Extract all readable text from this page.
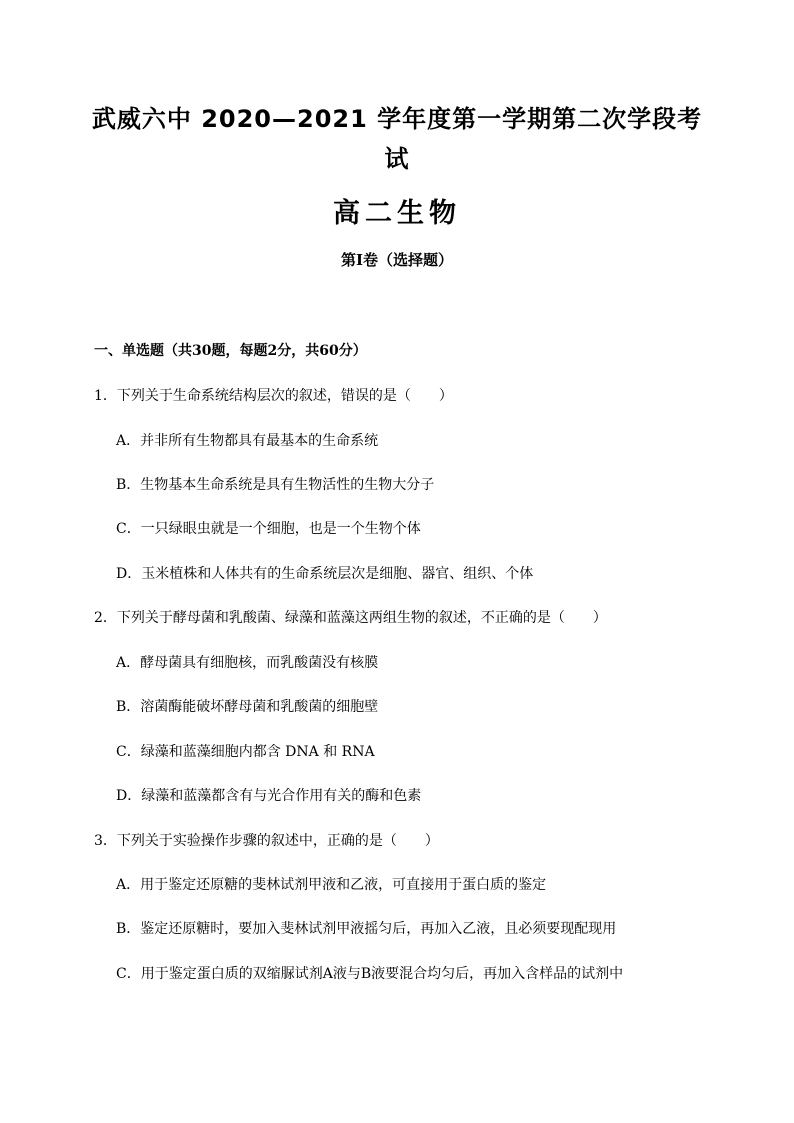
武威六中 2020—2021 学年度第一学期第二次学段考
试
高二生物
第Ⅰ卷（选择题）
一、单选题（共30题，每题2分，共60分）
1．下列关于生命系统结构层次的叙述，错误的是（　　）
A．并非所有生物都具有最基本的生命系统
B．生物基本生命系统是具有生物活性的生物大分子
C．一只绿眼虫就是一个细胞，也是一个生物个体
D．玉米植株和人体共有的生命系统层次是细胞、器官、组织、个体
2．下列关于酵母菌和乳酸菌、绿藻和蓝藻这两组生物的叙述，不正确的是（　　）
A．酵母菌具有细胞核，而乳酸菌没有核膜
B．溶菌酶能破坏酵母菌和乳酸菌的细胞壁
C．绿藻和蓝藻细胞内都含 DNA 和 RNA
D．绿藻和蓝藻都含有与光合作用有关的酶和色素
3．下列关于实验操作步骤的叙述中，正确的是（　　）
A．用于鉴定还原糖的斐林试剂甲液和乙液，可直接用于蛋白质的鉴定
B．鉴定还原糖时，要加入斐林试剂甲液摇匀后，再加入乙液，且必须要现配现用
C．用于鉴定蛋白质的双缩脲试剂A液与B液要混合均匀后，再加入含样品的试剂中
